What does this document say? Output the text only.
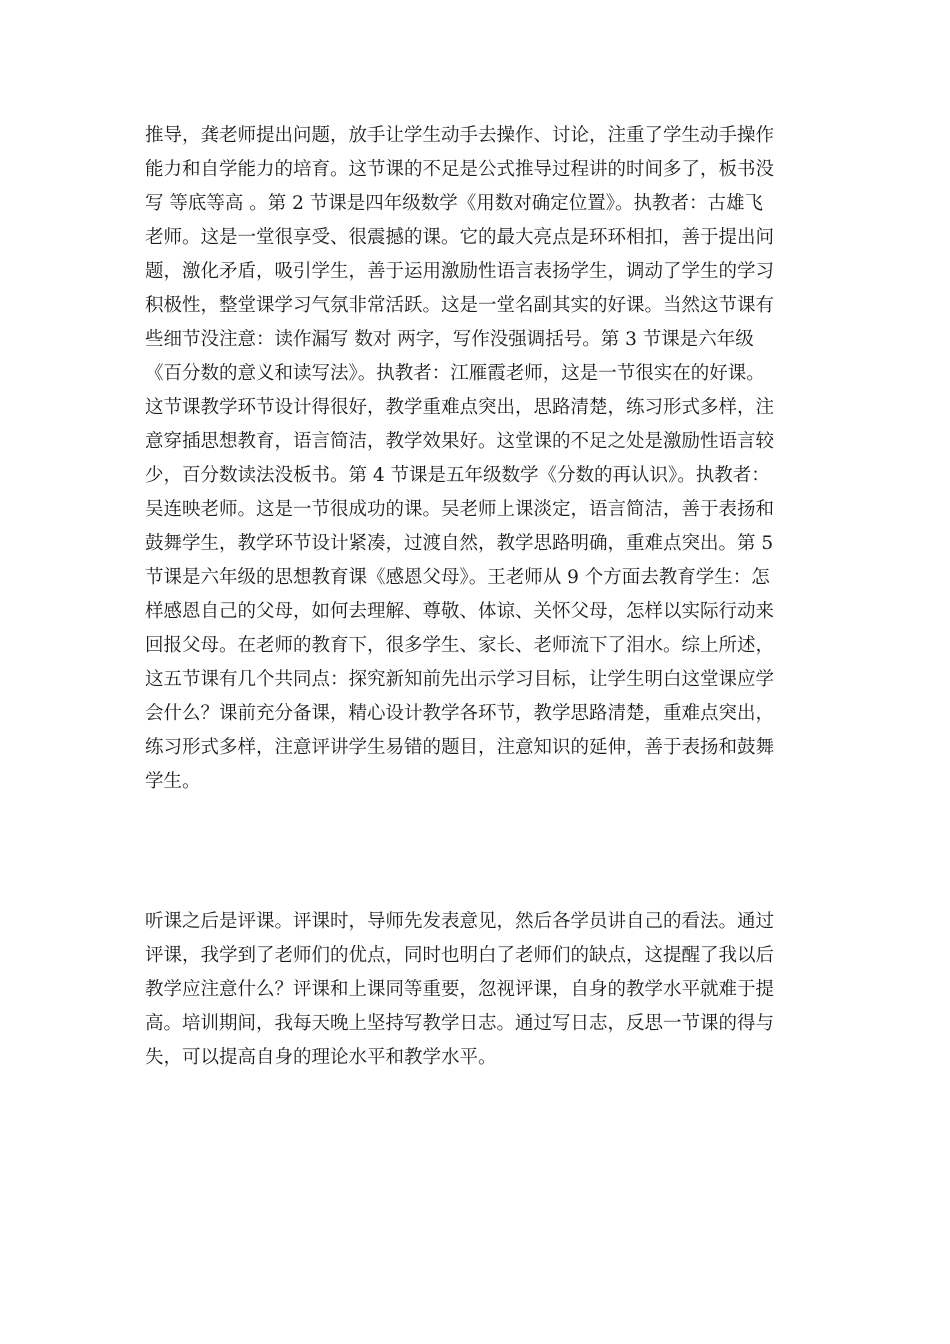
推导，龚老师提出问题，放手让学生动手去操作、讨论，注重了学生动手操作
能力和自学能力的培育。这节课的不足是公式推导过程讲的时间多了，板书没
写 等底等高 。第 2 节课是四年级数学《用数对确定位置》。执教者：古雄飞
老师。这是一堂很享受、很震撼的课。它的最大亮点是环环相扣，善于提出问
题，激化矛盾，吸引学生，善于运用激励性语言表扬学生，调动了学生的学习
积极性，整堂课学习气氛非常活跃。这是一堂名副其实的好课。当然这节课有
些细节没注意：读作漏写 数对 两字，写作没强调括号。第 3 节课是六年级
《百分数的意义和读写法》。执教者：江雁霞老师，这是一节很实在的好课。
这节课教学环节设计得很好，教学重难点突出，思路清楚，练习形式多样，注
意穿插思想教育，语言简洁，教学效果好。这堂课的不足之处是激励性语言较
少，百分数读法没板书。第 4 节课是五年级数学《分数的再认识》。执教者：
吴连映老师。这是一节很成功的课。吴老师上课淡定，语言简洁，善于表扬和
鼓舞学生，教学环节设计紧凑，过渡自然，教学思路明确，重难点突出。第 5
节课是六年级的思想教育课《感恩父母》。王老师从 9 个方面去教育学生：怎
样感恩自己的父母，如何去理解、尊敬、体谅、关怀父母，怎样以实际行动来
回报父母。在老师的教育下，很多学生、家长、老师流下了泪水。综上所述，
这五节课有几个共同点：探究新知前先出示学习目标，让学生明白这堂课应学
会什么？课前充分备课，精心设计教学各环节，教学思路清楚，重难点突出，
练习形式多样，注意评讲学生易错的题目，注意知识的延伸，善于表扬和鼓舞
学生。
听课之后是评课。评课时，导师先发表意见，然后各学员讲自己的看法。通过
评课，我学到了老师们的优点，同时也明白了老师们的缺点，这提醒了我以后
教学应注意什么？评课和上课同等重要，忽视评课，自身的教学水平就难于提
高。培训期间，我每天晚上坚持写教学日志。通过写日志，反思一节课的得与
失，可以提高自身的理论水平和教学水平。
